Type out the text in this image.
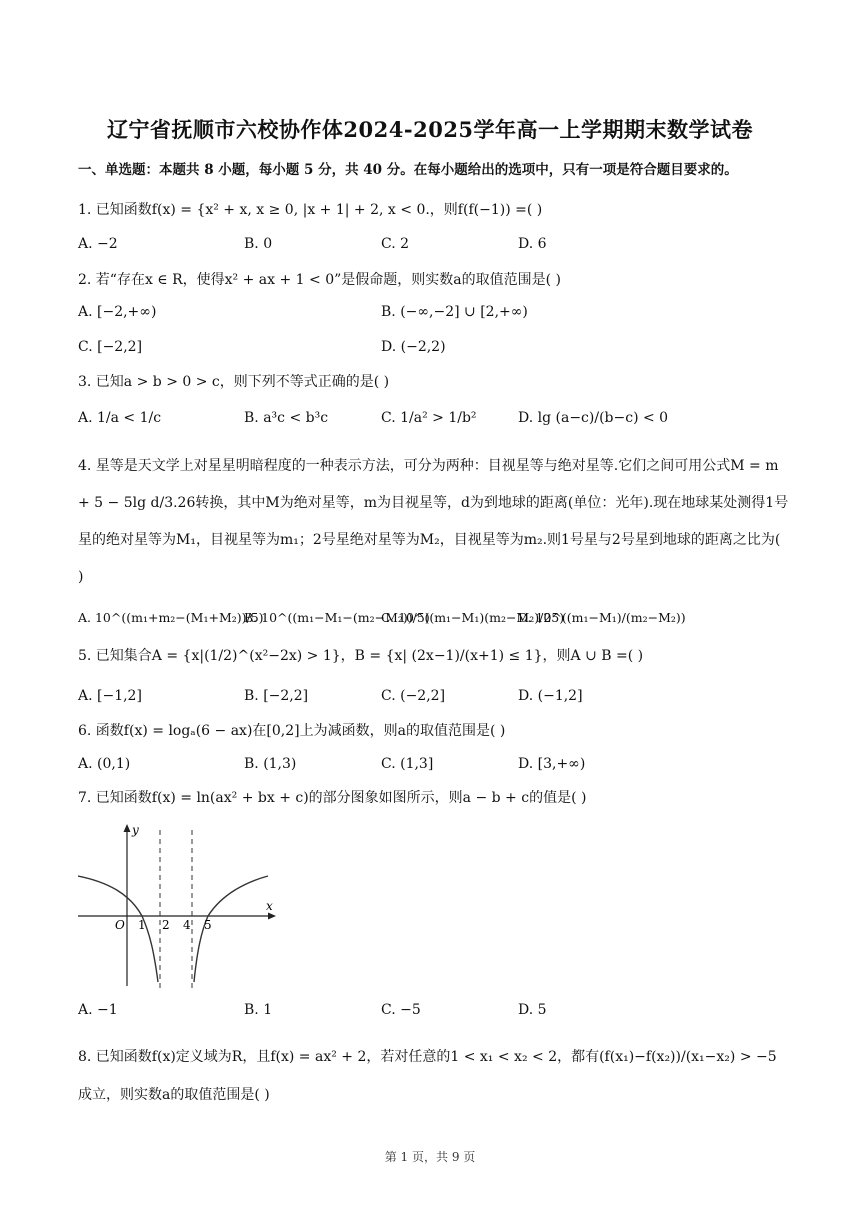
辽宁省抚顺市六校协作体2024-2025学年高一上学期期末数学试卷
一、单选题：本题共 8 小题，每小题 5 分，共 40 分。在每小题给出的选项中，只有一项是符合题目要求的。
1. 已知函数f(x) = {x² + x, x ≥ 0, |x + 1| + 2, x < 0.，则f(f(−1)) =( )
A. −2	B. 0	C. 2	D. 6
2. 若“存在x ∈ R，使得x² + ax + 1 < 0”是假命题，则实数a的取值范围是( )
A. [−2,+∞)	B. (−∞,−2] ∪ [2,+∞)
C. [−2,2]	D. (−2,2)
3. 已知a > b > 0 > c，则下列不等式正确的是( )
A. 1/a < 1/c	B. a³c < b³c	C. 1/a² > 1/b²	D. lg (a−c)/(b−c) < 0
4. 星等是天文学上对星星明暗程度的一种表示方法，可分为两种：目视星等与绝对星等.它们之间可用公式M = m + 5 − 5lg d/3.26转换，其中M为绝对星等，m为目视星等，d为到地球的距离(单位：光年).现在地球某处测得1号星的绝对星等为M₁，目视星等为m₁；2号星绝对星等为M₂，目视星等为m₂.则1号星与2号星到地球的距离之比为( )
A. 10^((m₁+m₂−(M₁+M₂))/5)
B. 10^((m₁−M₁−(m₂−M₂))/5)
C. 10^((m₁−M₁)(m₂−M₂)/25)
D. 10^((m₁−M₁)/(m₂−M₂))
5. 已知集合A = {x|(1/2)^(x²−2x) > 1}，B = {x| (2x−1)/(x+1) ≤ 1}，则A ∪ B =( )
A. [−1,2]	B. [−2,2]	C. (−2,2]	D. (−1,2]
6. 函数f(x) = logₐ(6 − ax)在[0,2]上为减函数，则a的取值范围是( )
A. (0,1)	B. (1,3)	C. (1,3]	D. [3,+∞)
7. 已知函数f(x) = ln(ax² + bx + c)的部分图象如图所示，则a − b + c的值是( )
y
x
O 1 2 4 5
A. −1	B. 1	C. −5	D. 5
8. 已知函数f(x)定义域为R，且f(x) = ax² + 2，若对任意的1 < x₁ < x₂ < 2，都有(f(x₁)−f(x₂))/(x₁−x₂) > −5成立，则实数a的取值范围是( )
第 1 页，共 9 页
